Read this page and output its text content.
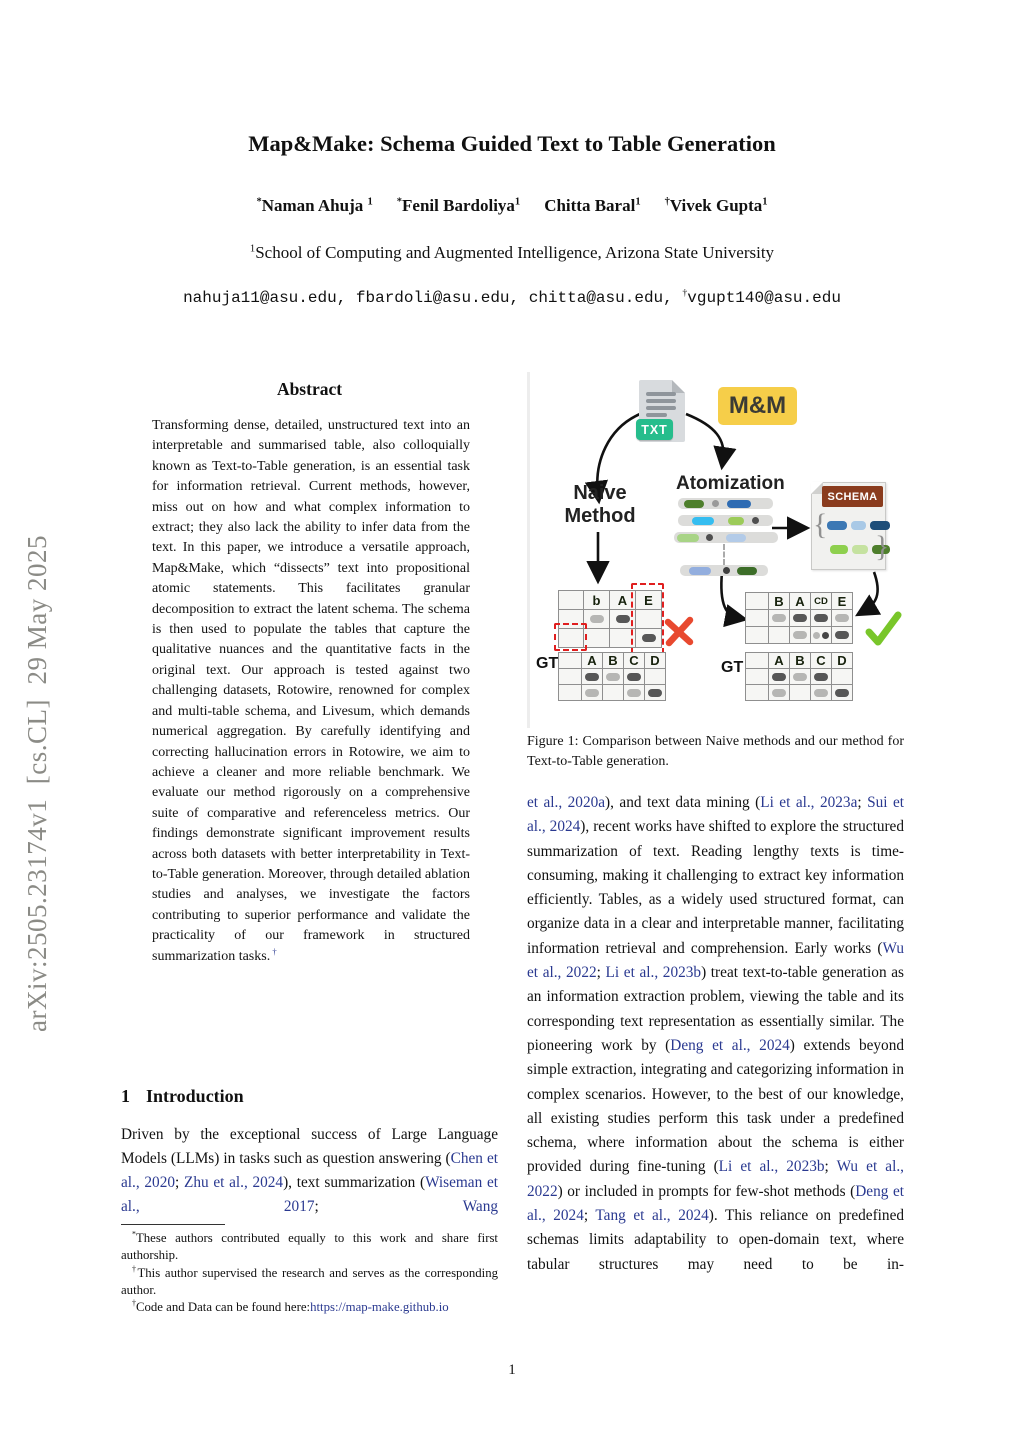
arXiv:2505.23174v1  [cs.CL]  29 May 2025
Map&Make: Schema Guided Text to Table Generation
*Naman Ahuja $^1$ *Fenil Bardoliya$^1$ Chitta Baral$^1$ †Vivek Gupta$^1$
$^1$School of Computing and Augmented Intelligence, Arizona State University
nahuja11@asu.edu, fbardoli@asu.edu, chitta@asu.edu, †vgupt140@asu.edu
Abstract
Transforming dense, detailed, unstructured text into an interpretable and summarised table, also colloquially known as Text-to-Table generation, is an essential task for information retrieval. Current methods, however, miss out on how and what complex information to extract; they also lack the ability to infer data from the text. In this paper, we introduce a versatile approach, Map&Make, which “dissects” text into propositional atomic statements. This facilitates granular decomposition to extract the latent schema. The schema is then used to populate the tables that capture the qualitative nuances and the quantitative facts in the original text. Our approach is tested against two challenging datasets, Rotowire, renowned for complex and multi-table schema, and Livesum, which demands numerical aggregation. By carefully identifying and correcting hallucination errors in Rotowire, we aim to achieve a cleaner and more reliable benchmark. We evaluate our method rigorously on a comprehensive suite of comparative and referenceless metrics. Our findings demonstrate significant improvement results across both datasets with better interpretability in Text-to-Table generation. Moreover, through detailed ablation studies and analyses, we investigate the factors contributing to superior performance and validate the practicality of our framework in structured summarization tasks. †
1 Introduction
Driven by the exceptional success of Large Language Models (LLMs) in tasks such as question answering (Chen et al., 2020; Zhu et al., 2024), text summarization (Wiseman et al., 2017; Wang

*These authors contributed equally to this work and share first authorship.

†This author supervised the research and serves as the corresponding author.

†Code and Data can be found here:https://map-make.github.io

TXT
M&M
Naive
Method
Atomization
SCHEMA
{
}
b	A	E
GT	A B C D
B A CD E
GT	A B C D
Figure 1: Comparison between Naive methods and our method for Text-to-Table generation.
et al., 2020a), and text data mining (Li et al., 2023a; Sui et al., 2024), recent works have shifted to explore the structured summarization of text. Reading lengthy texts is time-consuming, making it challenging to extract key information efficiently. Tables, as a widely used structured format, can organize data in a clear and interpretable manner, facilitating information retrieval and comprehension. Early works (Wu et al., 2022; Li et al., 2023b) treat text-to-table generation as an information extraction problem, viewing the table and its corresponding text representation as essentially similar. The pioneering work by (Deng et al., 2024) extends beyond simple extraction, integrating and categorizing information in complex scenarios. However, to the best of our knowledge, all existing studies perform this task under a predefined schema, where information about the schema is either provided during fine-tuning (Li et al., 2023b; Wu et al., 2022) or included in prompts for few-shot methods (Deng et al., 2024; Tang et al., 2024). This reliance on predefined schemas limits adaptability to open-domain text, where tabular structures may need to be in-
1
